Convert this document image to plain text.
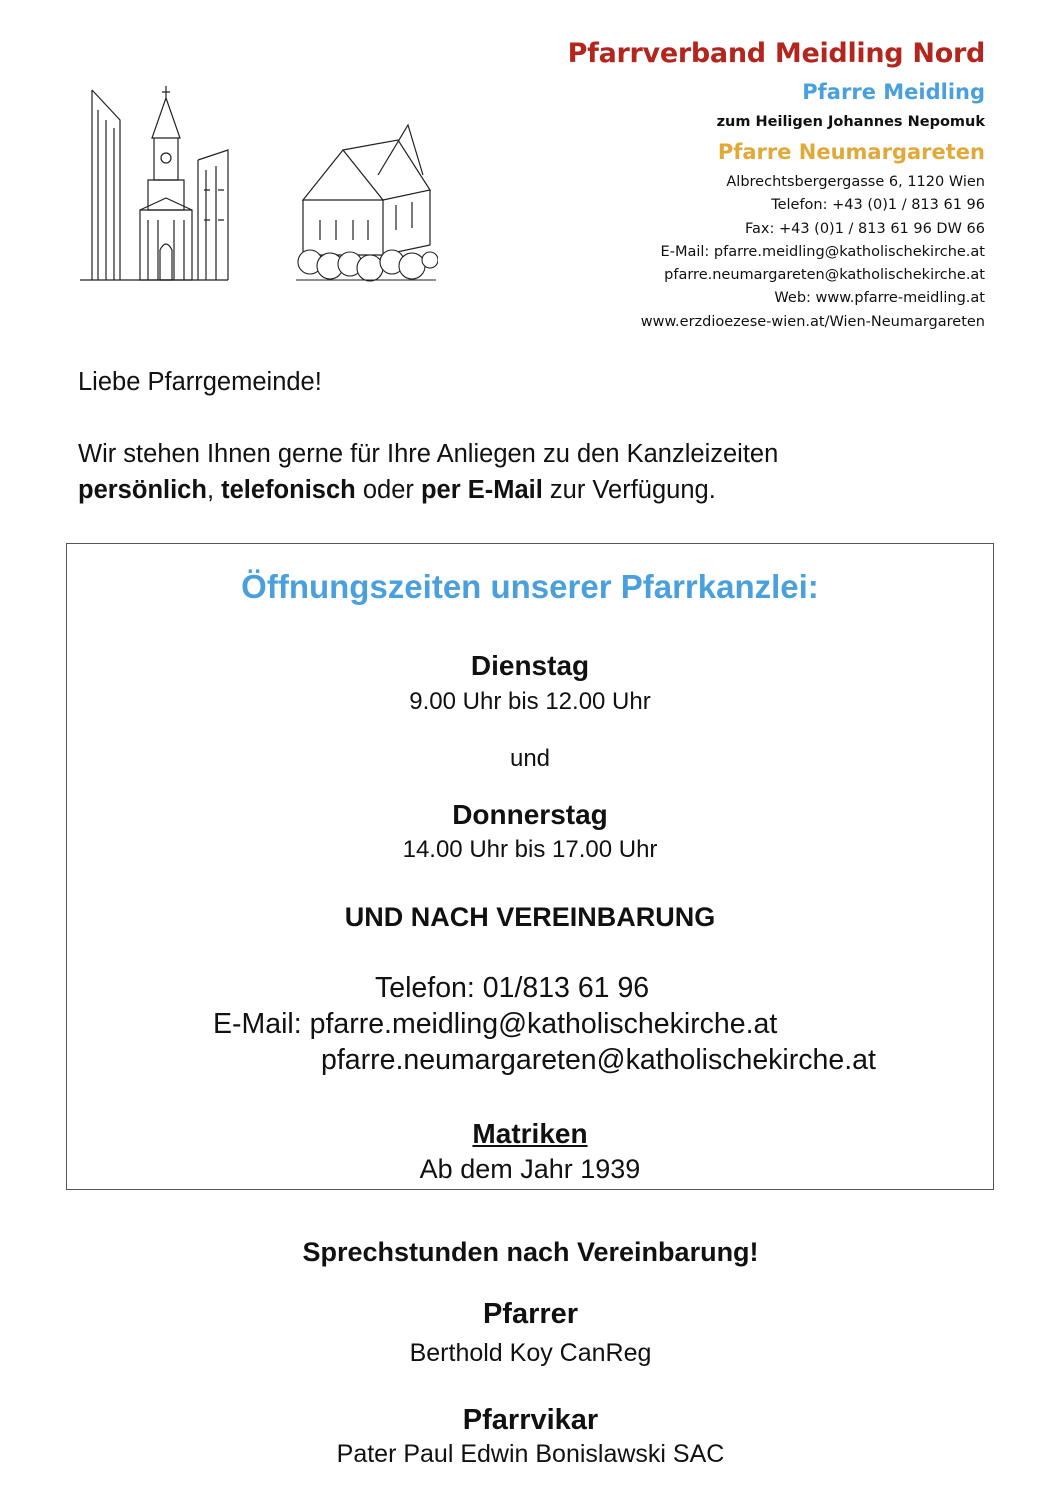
Pfarrverband Meidling Nord
Pfarre Meidling
zum Heiligen Johannes Nepomuk
Pfarre Neumargareten
Albrechtsbergergasse 6, 1120 Wien
Telefon: +43 (0)1 / 813 61 96
Fax: +43 (0)1 / 813 61 96 DW 66
E-Mail: pfarre.meidling@katholischekirche.at
pfarre.neumargareten@katholischekirche.at
Web: www.pfarre-meidling.at
www.erzdioezese-wien.at/Wien-Neumargareten

Liebe Pfarrgemeinde!

Wir stehen Ihnen gerne für Ihre Anliegen zu den Kanzleizeiten

persönlich, telefonisch oder per E-Mail zur Verfügung.

Öffnungszeiten unserer Pfarrkanzlei:
Dienstag
9.00 Uhr bis 12.00 Uhr
und
Donnerstag
14.00 Uhr bis 17.00 Uhr
UND NACH VEREINBARUNG
Telefon: 01/813 61 96
E-Mail: pfarre.meidling@katholischekirche.at
pfarre.neumargareten@katholischekirche.at
Matriken
Ab dem Jahr 1939
Sprechstunden nach Vereinbarung!
Pfarrer
Berthold Koy CanReg
Pfarrvikar
Pater Paul Edwin Bonislawski SAC
